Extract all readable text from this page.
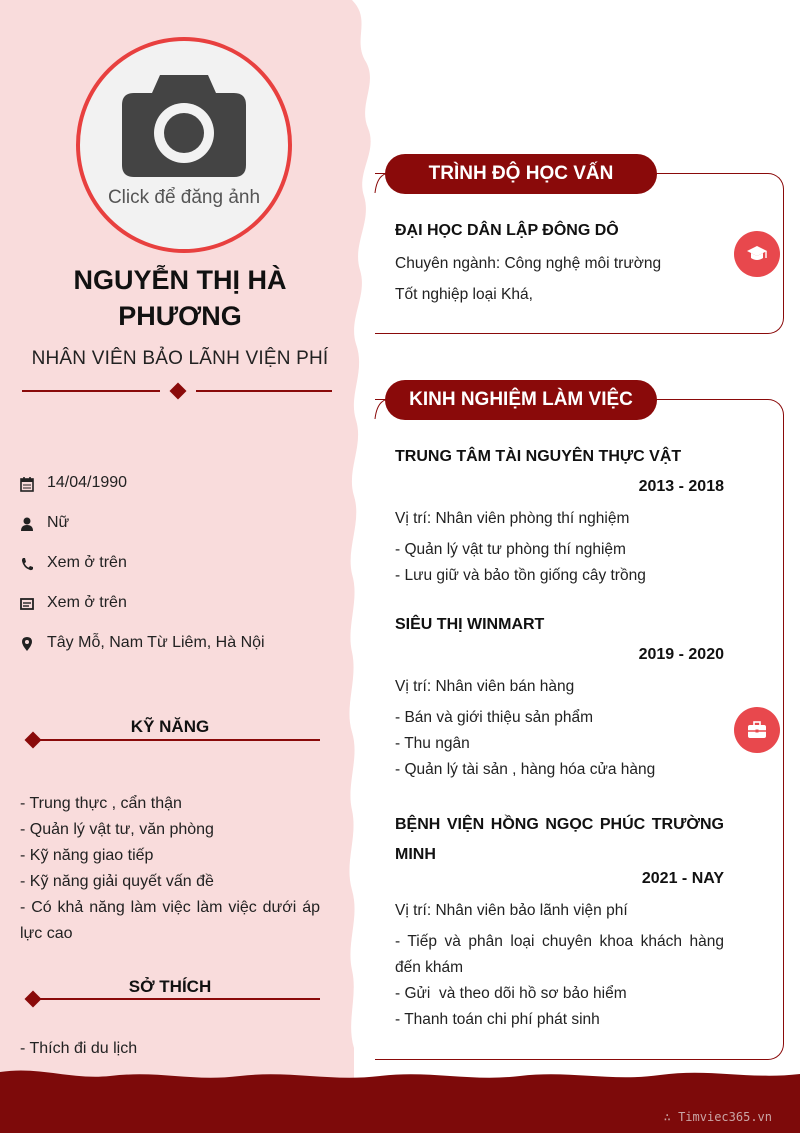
Click để đăng ảnh
NGUYỄN THỊ HÀ PHƯƠNG
NHÂN VIÊN BẢO LÃNH VIỆN PHÍ
14/04/1990
Nữ
Xem ở trên
Xem ở trên
Tây Mỗ, Nam Từ Liêm, Hà Nội
KỸ NĂNG
- Trung thực , cẩn thận
- Quản lý vật tư, văn phòng
- Kỹ năng giao tiếp
- Kỹ năng giải quyết vấn đề
- Có khả năng làm việc làm việc dưới áp lực cao
SỞ THÍCH
- Thích đi du lịch
TRÌNH ĐỘ HỌC VẤN
ĐẠI HỌC DÂN LẬP ĐÔNG DÔ
Chuyên ngành: Công nghệ môi trường
Tốt nghiệp loại Khá,
KINH NGHIỆM LÀM VIỆC
TRUNG TÂM TÀI NGUYÊN THỰC VẬT
2013 - 2018
Vị trí: Nhân viên phòng thí nghiệm
- Quản lý vật tư phòng thí nghiệm
- Lưu giữ và bảo tồn giống cây trồng
SIÊU THỊ WINMART
2019 - 2020
Vị trí: Nhân viên bán hàng
- Bán và giới thiệu sản phẩm
- Thu ngân
- Quản lý tài sản , hàng hóa cửa hàng
BỆNH VIỆN HỒNG NGỌC PHÚC TRƯỜNG MINH
2021 - NAY
Vị trí: Nhân viên bảo lãnh viện phí
- Tiếp và phân loại chuyên khoa khách hàng đến khám
- Gửi  và theo dõi hồ sơ bảo hiểm
- Thanh toán chi phí phát sinh
∴ Timviec365.vn
